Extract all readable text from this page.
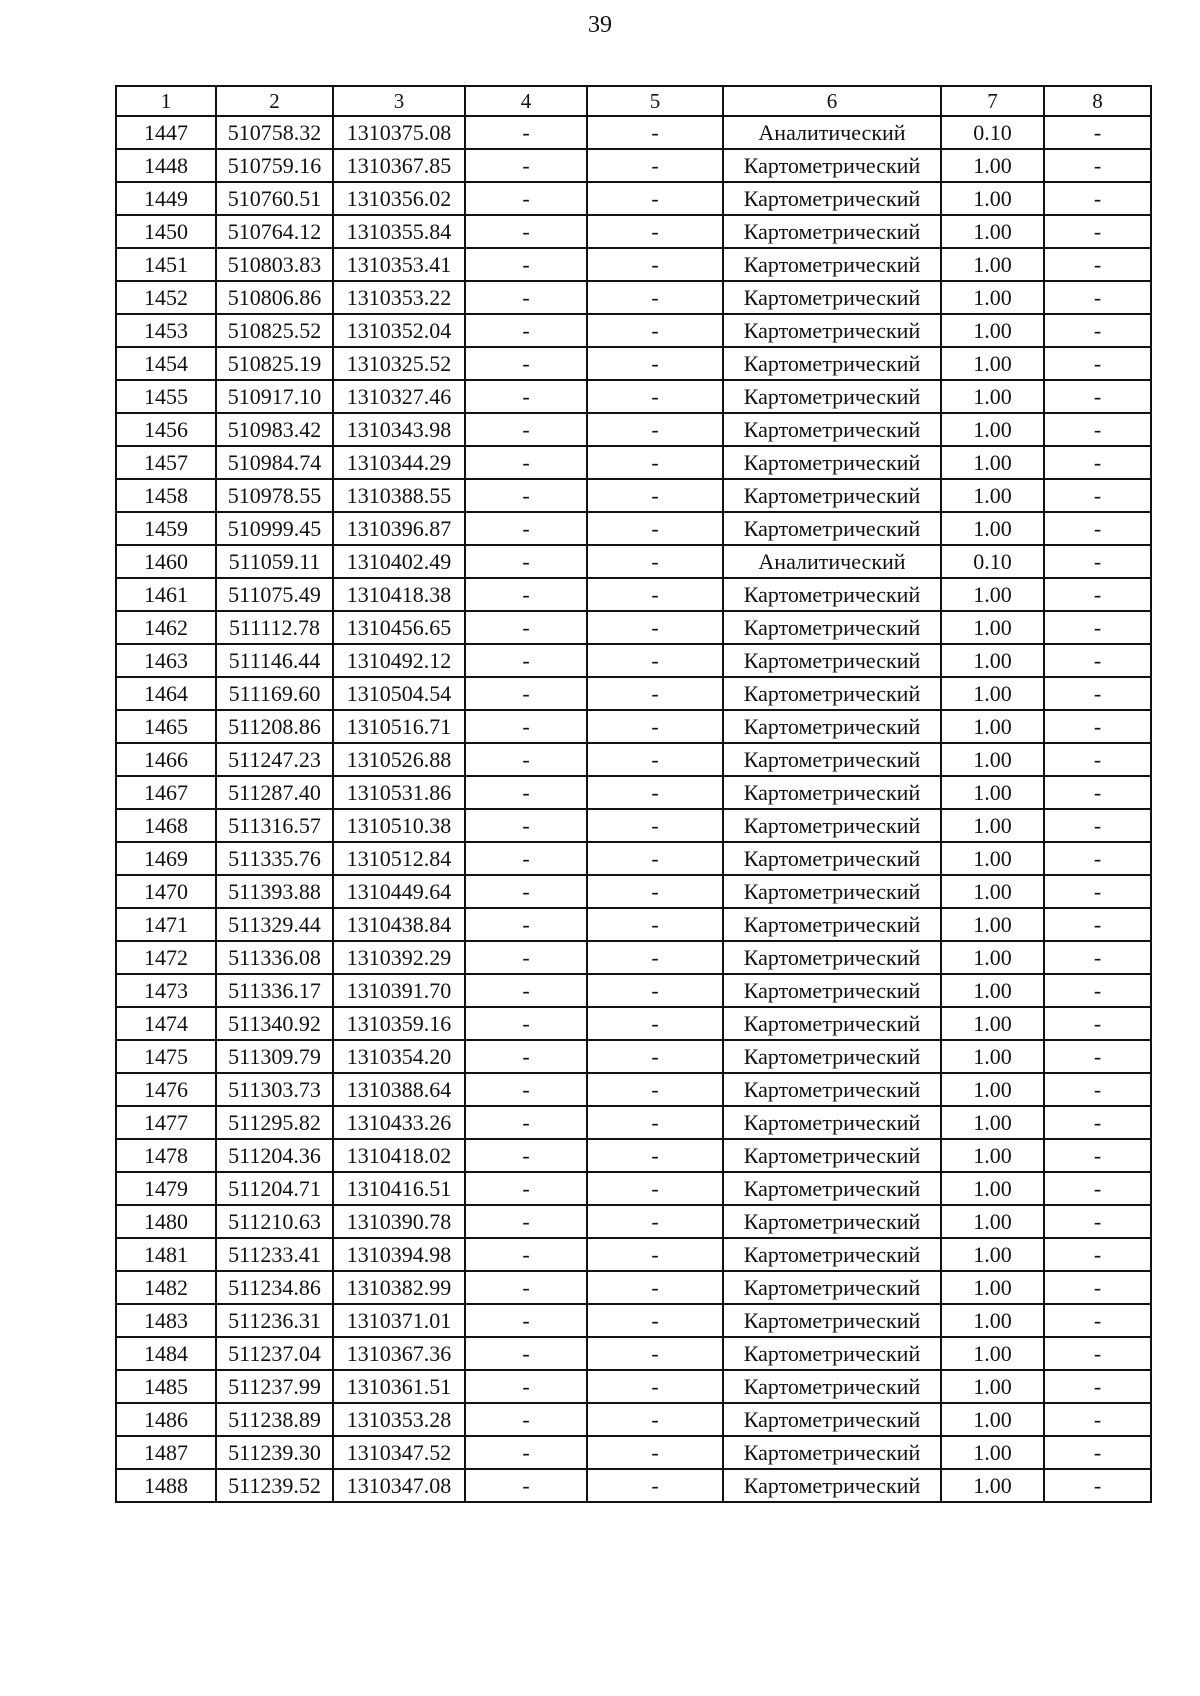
39
1	2	3	4	5	6	7	8
1447	510758.32	1310375.08	-	-	Аналитический	0.10	-
1448	510759.16	1310367.85	-	-	Картометрический	1.00	-
1449	510760.51	1310356.02	-	-	Картометрический	1.00	-
1450	510764.12	1310355.84	-	-	Картометрический	1.00	-
1451	510803.83	1310353.41	-	-	Картометрический	1.00	-
1452	510806.86	1310353.22	-	-	Картометрический	1.00	-
1453	510825.52	1310352.04	-	-	Картометрический	1.00	-
1454	510825.19	1310325.52	-	-	Картометрический	1.00	-
1455	510917.10	1310327.46	-	-	Картометрический	1.00	-
1456	510983.42	1310343.98	-	-	Картометрический	1.00	-
1457	510984.74	1310344.29	-	-	Картометрический	1.00	-
1458	510978.55	1310388.55	-	-	Картометрический	1.00	-
1459	510999.45	1310396.87	-	-	Картометрический	1.00	-
1460	511059.11	1310402.49	-	-	Аналитический	0.10	-
1461	511075.49	1310418.38	-	-	Картометрический	1.00	-
1462	511112.78	1310456.65	-	-	Картометрический	1.00	-
1463	511146.44	1310492.12	-	-	Картометрический	1.00	-
1464	511169.60	1310504.54	-	-	Картометрический	1.00	-
1465	511208.86	1310516.71	-	-	Картометрический	1.00	-
1466	511247.23	1310526.88	-	-	Картометрический	1.00	-
1467	511287.40	1310531.86	-	-	Картометрический	1.00	-
1468	511316.57	1310510.38	-	-	Картометрический	1.00	-
1469	511335.76	1310512.84	-	-	Картометрический	1.00	-
1470	511393.88	1310449.64	-	-	Картометрический	1.00	-
1471	511329.44	1310438.84	-	-	Картометрический	1.00	-
1472	511336.08	1310392.29	-	-	Картометрический	1.00	-
1473	511336.17	1310391.70	-	-	Картометрический	1.00	-
1474	511340.92	1310359.16	-	-	Картометрический	1.00	-
1475	511309.79	1310354.20	-	-	Картометрический	1.00	-
1476	511303.73	1310388.64	-	-	Картометрический	1.00	-
1477	511295.82	1310433.26	-	-	Картометрический	1.00	-
1478	511204.36	1310418.02	-	-	Картометрический	1.00	-
1479	511204.71	1310416.51	-	-	Картометрический	1.00	-
1480	511210.63	1310390.78	-	-	Картометрический	1.00	-
1481	511233.41	1310394.98	-	-	Картометрический	1.00	-
1482	511234.86	1310382.99	-	-	Картометрический	1.00	-
1483	511236.31	1310371.01	-	-	Картометрический	1.00	-
1484	511237.04	1310367.36	-	-	Картометрический	1.00	-
1485	511237.99	1310361.51	-	-	Картометрический	1.00	-
1486	511238.89	1310353.28	-	-	Картометрический	1.00	-
1487	511239.30	1310347.52	-	-	Картометрический	1.00	-
1488	511239.52	1310347.08	-	-	Картометрический	1.00	-
